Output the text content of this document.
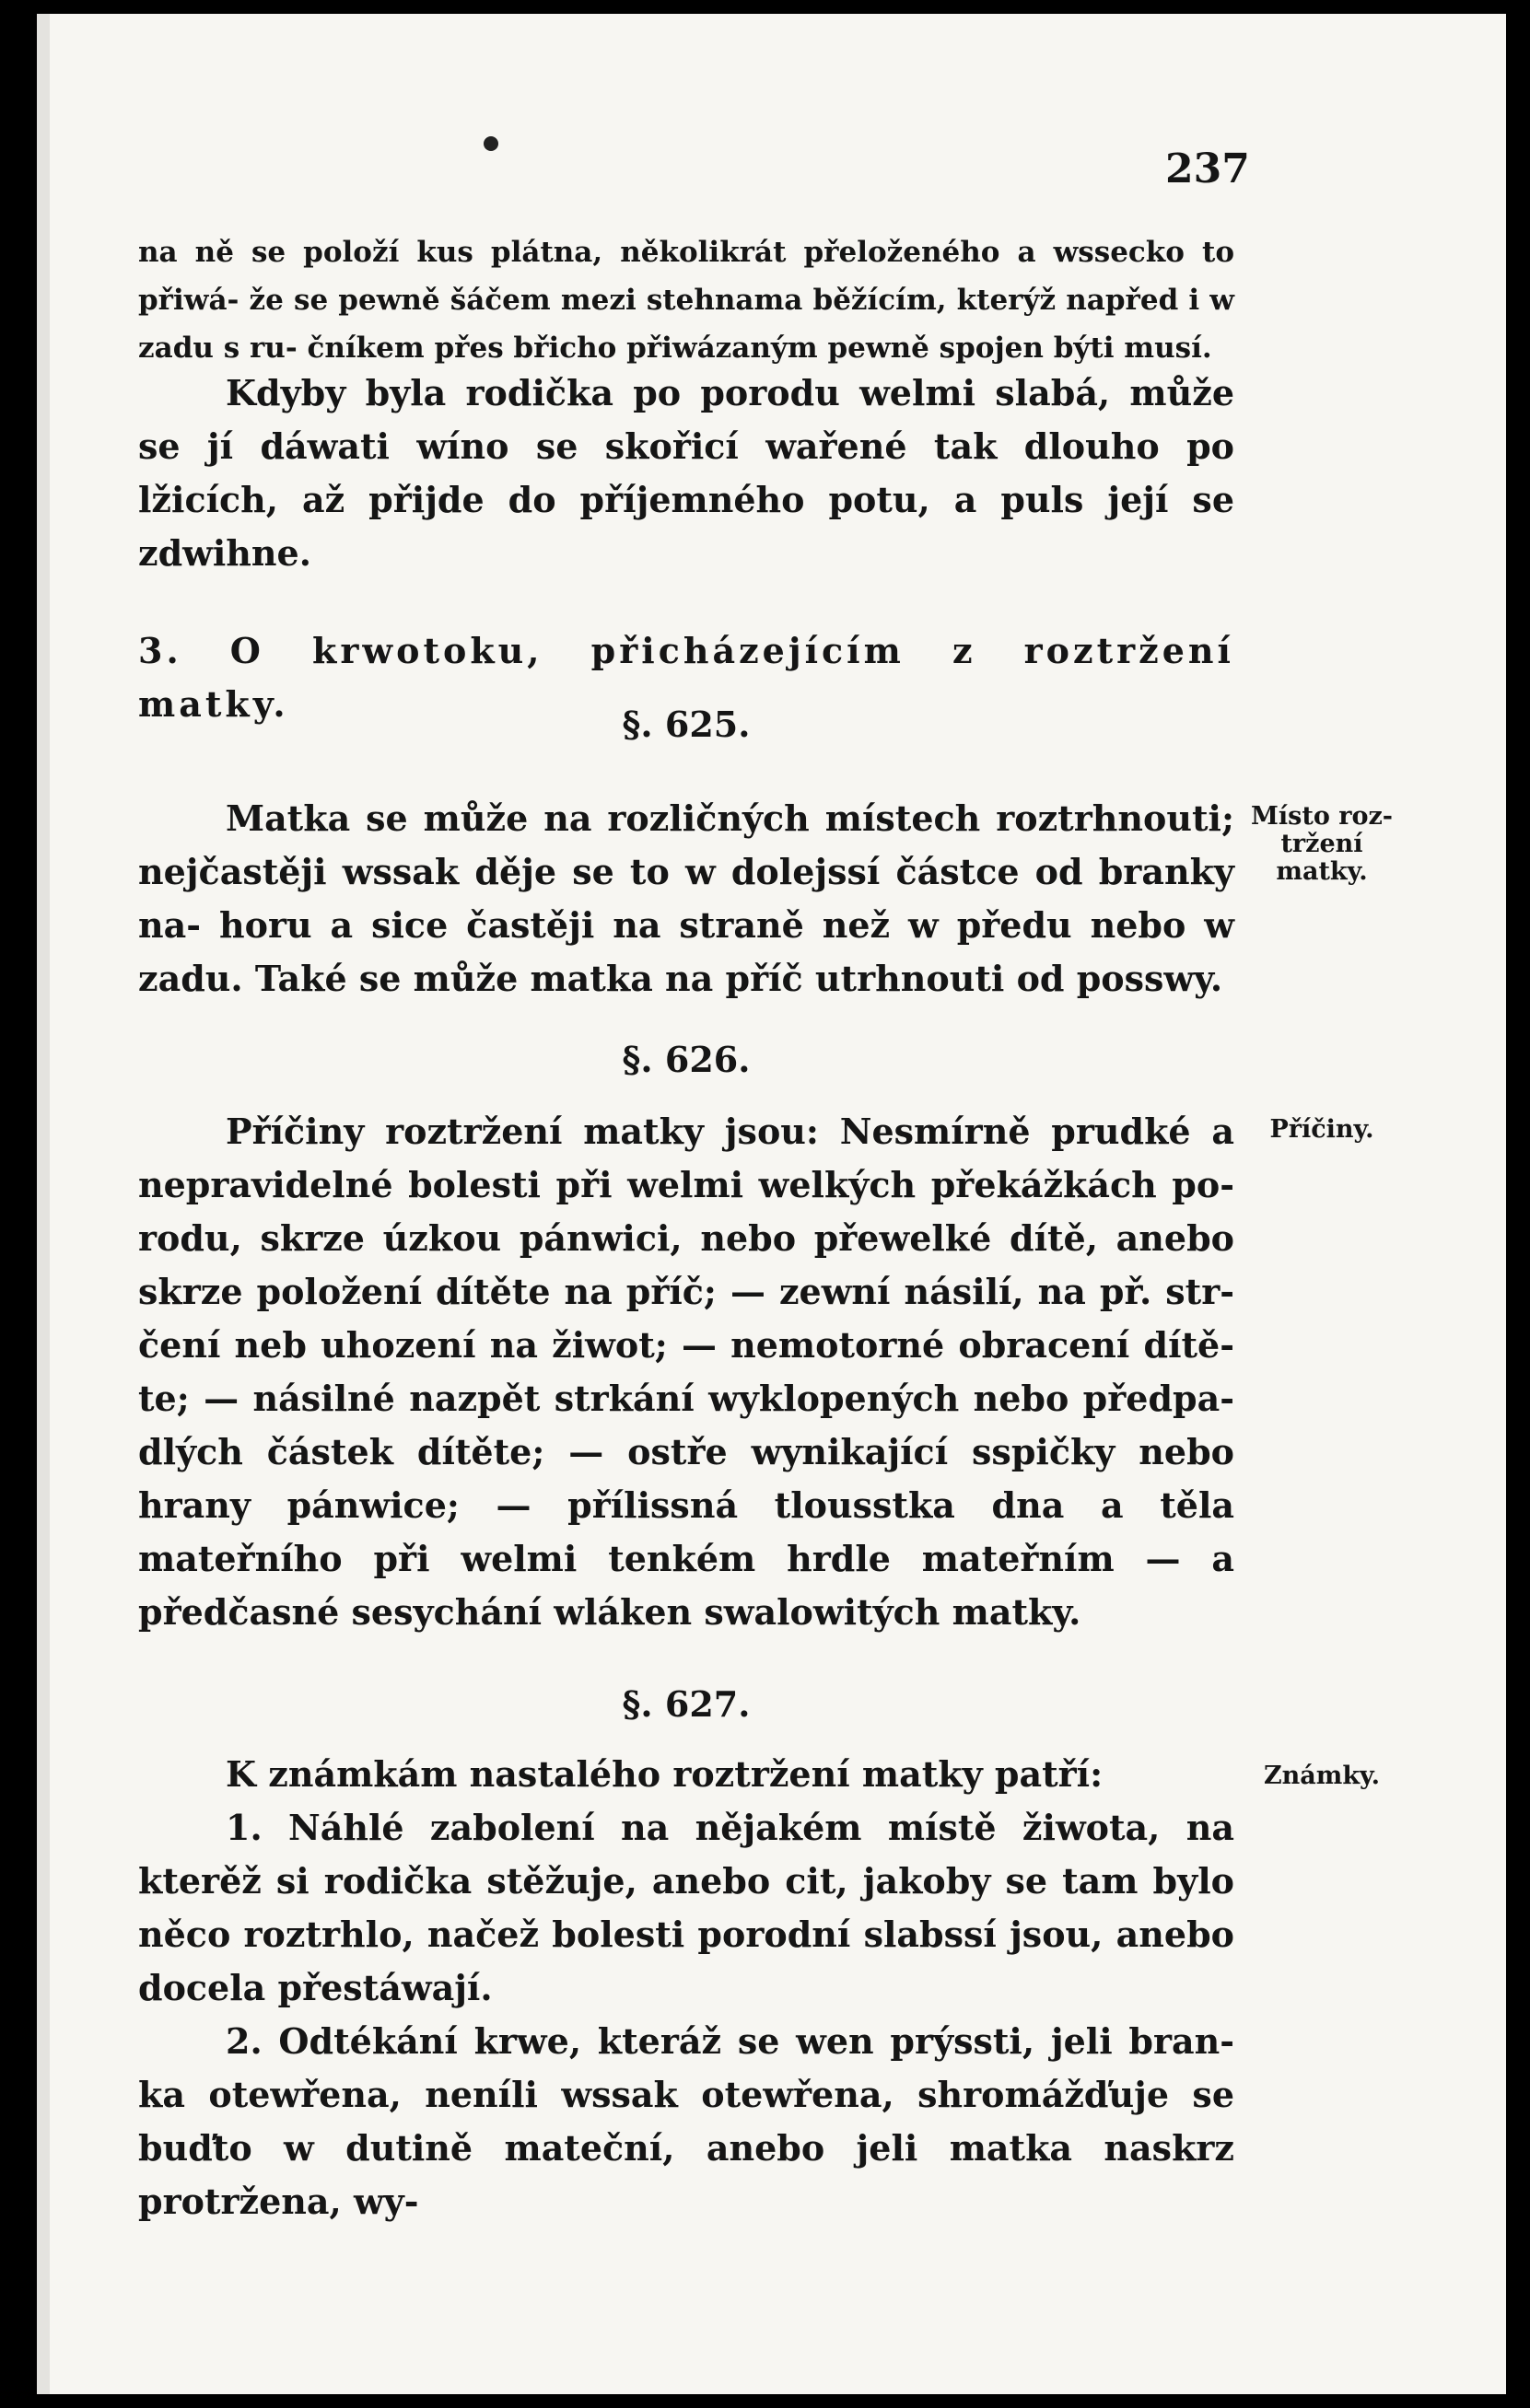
237

na ně se položí kus plátna, několikrát přeloženého a wssecko to přiwá- že se pewně šáčem mezi stehnama běžícím, kterýž napřed i w zadu s ru- čníkem přes břicho přiwázaným pewně spojen býti musí.

Kdyby byla rodička po porodu welmi slabá, může se jí dáwati wíno se skořicí wařené tak dlouho po lžicích, až přijde do příjemného potu, a puls její se zdwihne.

3. O krwotoku, přicházejícím z roztržení matky.	§. 625.

Matka se může na rozličných místech roztrhnouti; nejčastěji wssak děje se to w dolejssí částce od branky na- horu a sice častěji na straně než w předu nebo w zadu. Také se může matka na příč utrhnouti od posswy.

Místo roz- tržení matky.

§. 626.

Příčiny roztržení matky jsou: Nesmírně prudké a nepravidelné bolesti při welmi welkých překážkách po- rodu, skrze úzkou pánwici, nebo přewelké dítě, anebo skrze položení dítěte na příč; — zewní násilí, na př. str- čení neb uhození na žiwot; — nemotorné obracení dítě- te; — násilné nazpět strkání wyklopených nebo předpa- dlých částek dítěte; — ostře wynikající sspičky nebo hrany pánwice; — přílissná tlousstka dna a těla mateřního při welmi tenkém hrdle mateřním — a předčasné sesychání wláken swalowitých matky.

Příčiny.

§. 627.

K známkám nastalého roztržení matky patří:

1. Náhlé zabolení na nějakém místě žiwota, na kterěž si rodička stěžuje, anebo cit, jakoby se tam bylo něco roztrhlo, načež bolesti porodní slabssí jsou, anebo docela přestáwají.

2. Odtékání krwe, kteráž se wen prýssti, jeli bran- ka otewřena, neníli wssak otewřena, shromážďuje se buďto w dutině mateční, anebo jeli matka naskrz protržena, wy-

Známky.
